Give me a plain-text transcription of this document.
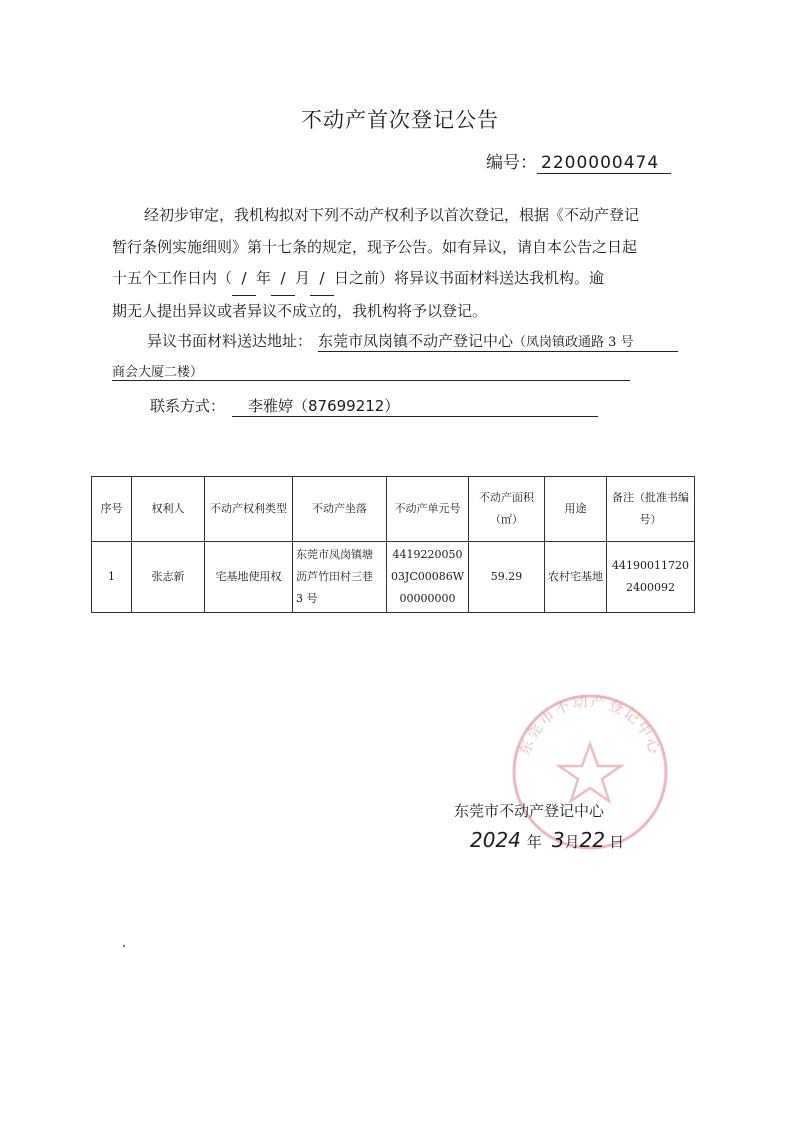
不动产首次登记公告
编号： 2200000474
经初步审定，我机构拟对下列不动产权利予以首次登记，根据《不动产登记
暂行条例实施细则》第十七条的规定，现予公告。如有异议，请自本公告之日起
十五个工作日内（ / 年 / 月 / 日之前）将异议书面材料送达我机构。逾
期无人提出异议或者异议不成立的，我机构将予以登记。
异议书面材料送达地址： 东莞市凤岗镇不动产登记中心（凤岗镇政通路 3 号
商会大厦二楼）
联系方式：	李雅婷（87699212）
序号	权利人	不动产权利类型	不动产坐落	不动产单元号	不动产面积（㎡）	用途	备注（批准书编号）
1	张志新	宅基地使用权	东莞市凤岗镇塘沥芦竹田村三巷 3 号	441922005003JC00086W00000000	59.29	农村宅基地	441900117202400092
东莞市不动产登记中心
东莞市不动产登记中心
2024 年 3月22 日
